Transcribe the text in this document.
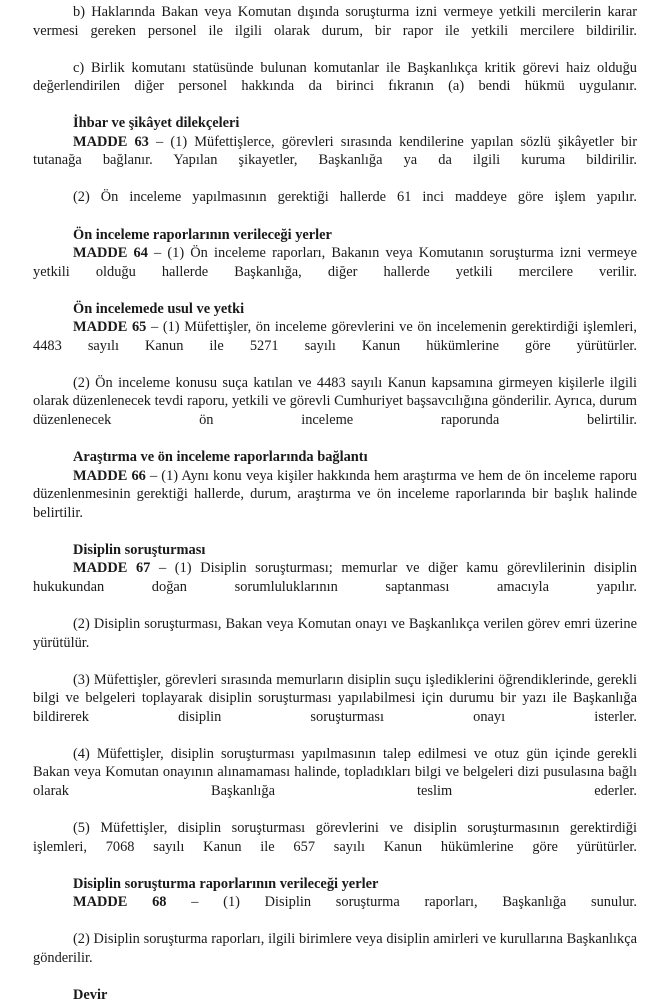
b) Haklarında Bakan veya Komutan dışında soruşturma izni vermeye yetkili mercilerin karar vermesi gereken personel ile ilgili olarak durum, bir rapor ile yetkili mercilere bildirilir.

c) Birlik komutanı statüsünde bulunan komutanlar ile Başkanlıkça kritik görevi haiz olduğu değerlendirilen diğer personel hakkında da birinci fıkranın (a) bendi hükmü uygulanır.

İhbar ve şikâyet dilekçeleri

MADDE 63 – (1) Müfettişlerce, görevleri sırasında kendilerine yapılan sözlü şikâyetler bir tutanağa bağlanır. Yapılan şikayetler, Başkanlığa ya da ilgili kuruma bildirilir.

(2) Ön inceleme yapılmasının gerektiği hallerde 61 inci maddeye göre işlem yapılır.

Ön inceleme raporlarının verileceği yerler

MADDE 64 – (1) Ön inceleme raporları, Bakanın veya Komutanın soruşturma izni vermeye yetkili olduğu hallerde Başkanlığa, diğer hallerde yetkili mercilere verilir.

Ön incelemede usul ve yetki

MADDE 65 – (1) Müfettişler, ön inceleme görevlerini ve ön incelemenin gerektirdiği işlemleri, 4483 sayılı Kanun ile 5271 sayılı Kanun hükümlerine göre yürütürler.

(2) Ön inceleme konusu suça katılan ve 4483 sayılı Kanun kapsamına girmeyen kişilerle ilgili olarak düzenlenecek tevdi raporu, yetkili ve görevli Cumhuriyet başsavcılığına gönderilir. Ayrıca, durum düzenlenecek ön inceleme raporunda belirtilir.

Araştırma ve ön inceleme raporlarında bağlantı

MADDE 66 – (1) Aynı konu veya kişiler hakkında hem araştırma ve hem de ön inceleme raporu düzenlenmesinin gerektiği hallerde, durum, araştırma ve ön inceleme raporlarında bir başlık halinde belirtilir.

Disiplin soruşturması

MADDE 67 – (1) Disiplin soruşturması; memurlar ve diğer kamu görevlilerinin disiplin hukukundan doğan sorumluluklarının saptanması amacıyla yapılır.

(2) Disiplin soruşturması, Bakan veya Komutan onayı ve Başkanlıkça verilen görev emri üzerine yürütülür.

(3) Müfettişler, görevleri sırasında memurların disiplin suçu işlediklerini öğrendiklerinde, gerekli bilgi ve belgeleri toplayarak disiplin soruşturması yapılabilmesi için durumu bir yazı ile Başkanlığa bildirerek disiplin soruşturması onayı isterler.

(4) Müfettişler, disiplin soruşturması yapılmasının talep edilmesi ve otuz gün içinde gerekli Bakan veya Komutan onayının alınamaması halinde, topladıkları bilgi ve belgeleri dizi pusulasına bağlı olarak Başkanlığa teslim ederler.

(5) Müfettişler, disiplin soruşturması görevlerini ve disiplin soruşturmasının gerektirdiği işlemleri, 7068 sayılı Kanun ile 657 sayılı Kanun hükümlerine göre yürütürler.

Disiplin soruşturma raporlarının verileceği yerler

MADDE 68 – (1) Disiplin soruşturma raporları, Başkanlığa sunulur.

(2) Disiplin soruşturma raporları, ilgili birimlere veya disiplin amirleri ve kurullarına Başkanlıkça gönderilir.

Devir
